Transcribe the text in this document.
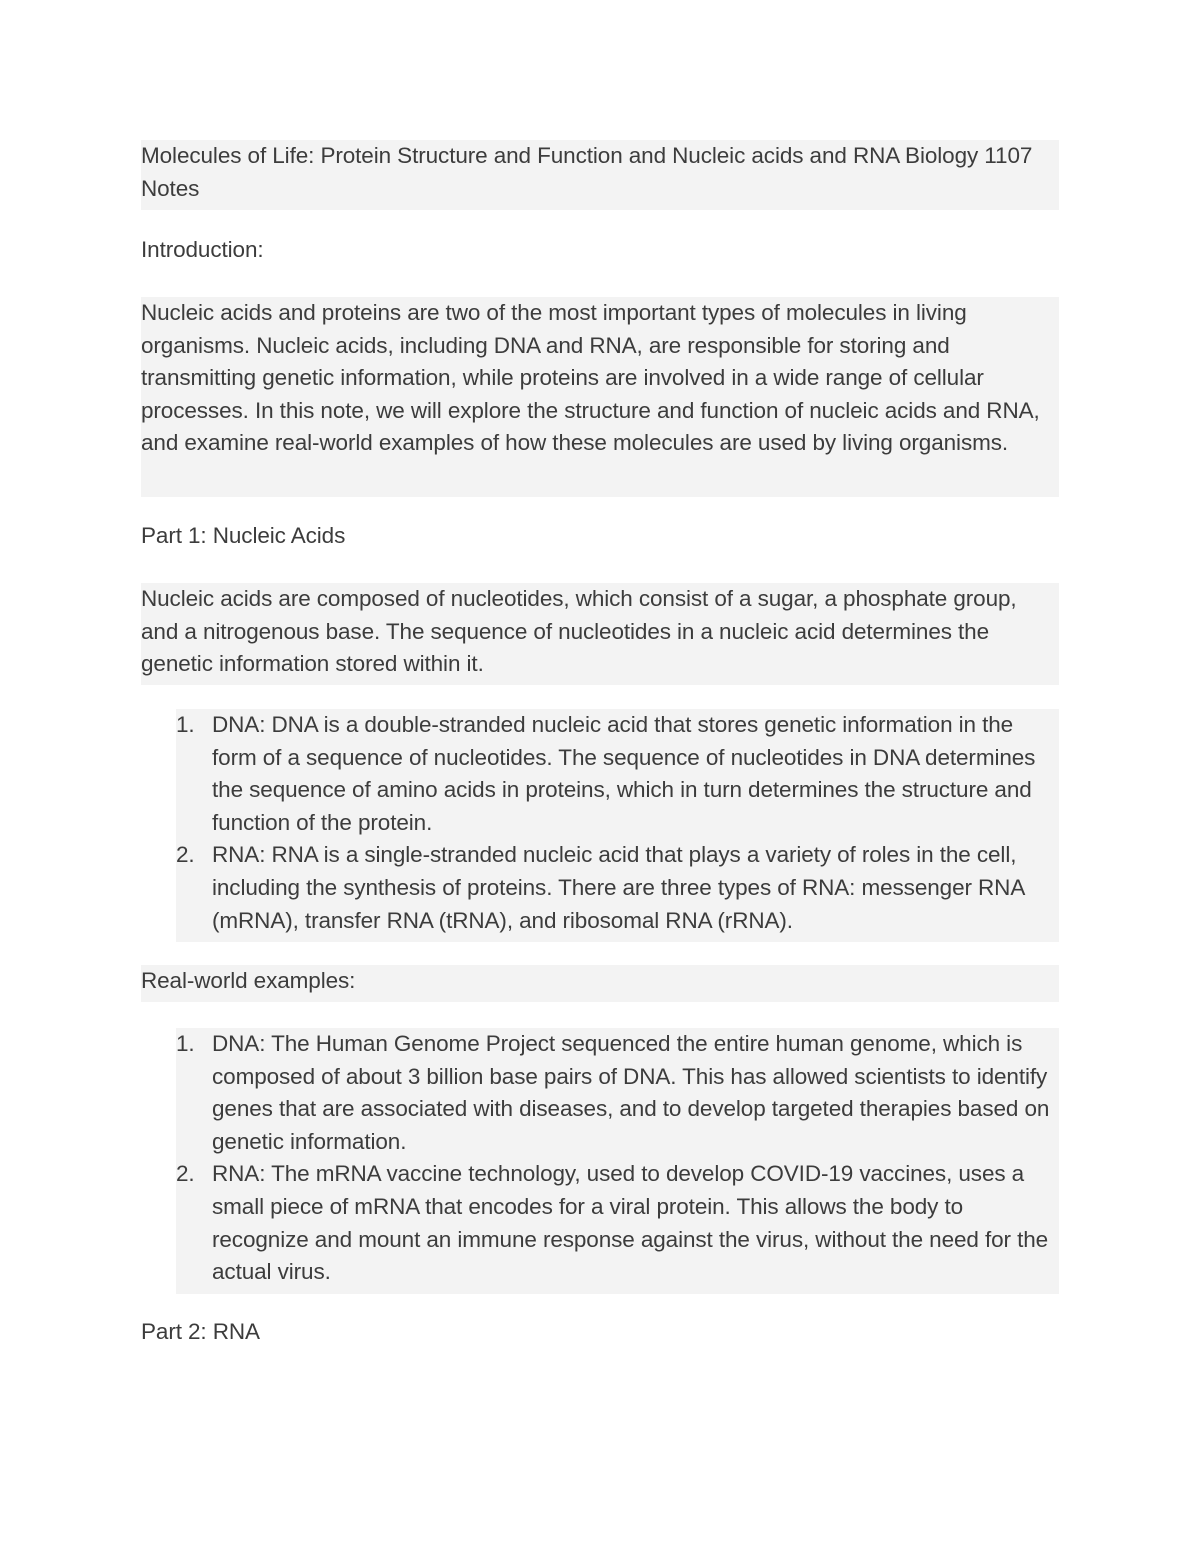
Molecules of Life: Protein Structure and Function and Nucleic acids and RNA Biology 1107 Notes
Introduction:
Nucleic acids and proteins are two of the most important types of molecules in living organisms. Nucleic acids, including DNA and RNA, are responsible for storing and transmitting genetic information, while proteins are involved in a wide range of cellular processes. In this note, we will explore the structure and function of nucleic acids and RNA, and examine real-world examples of how these molecules are used by living organisms.
Part 1: Nucleic Acids
Nucleic acids are composed of nucleotides, which consist of a sugar, a phosphate group, and a nitrogenous base. The sequence of nucleotides in a nucleic acid determines the genetic information stored within it.
1. DNA: DNA is a double-stranded nucleic acid that stores genetic information in the form of a sequence of nucleotides. The sequence of nucleotides in DNA determines the sequence of amino acids in proteins, which in turn determines the structure and function of the protein.
2. RNA: RNA is a single-stranded nucleic acid that plays a variety of roles in the cell, including the synthesis of proteins. There are three types of RNA: messenger RNA (mRNA), transfer RNA (tRNA), and ribosomal RNA (rRNA).
Real-world examples:
1. DNA: The Human Genome Project sequenced the entire human genome, which is composed of about 3 billion base pairs of DNA. This has allowed scientists to identify genes that are associated with diseases, and to develop targeted therapies based on genetic information.
2. RNA: The mRNA vaccine technology, used to develop COVID-19 vaccines, uses a small piece of mRNA that encodes for a viral protein. This allows the body to recognize and mount an immune response against the virus, without the need for the actual virus.
Part 2: RNA
